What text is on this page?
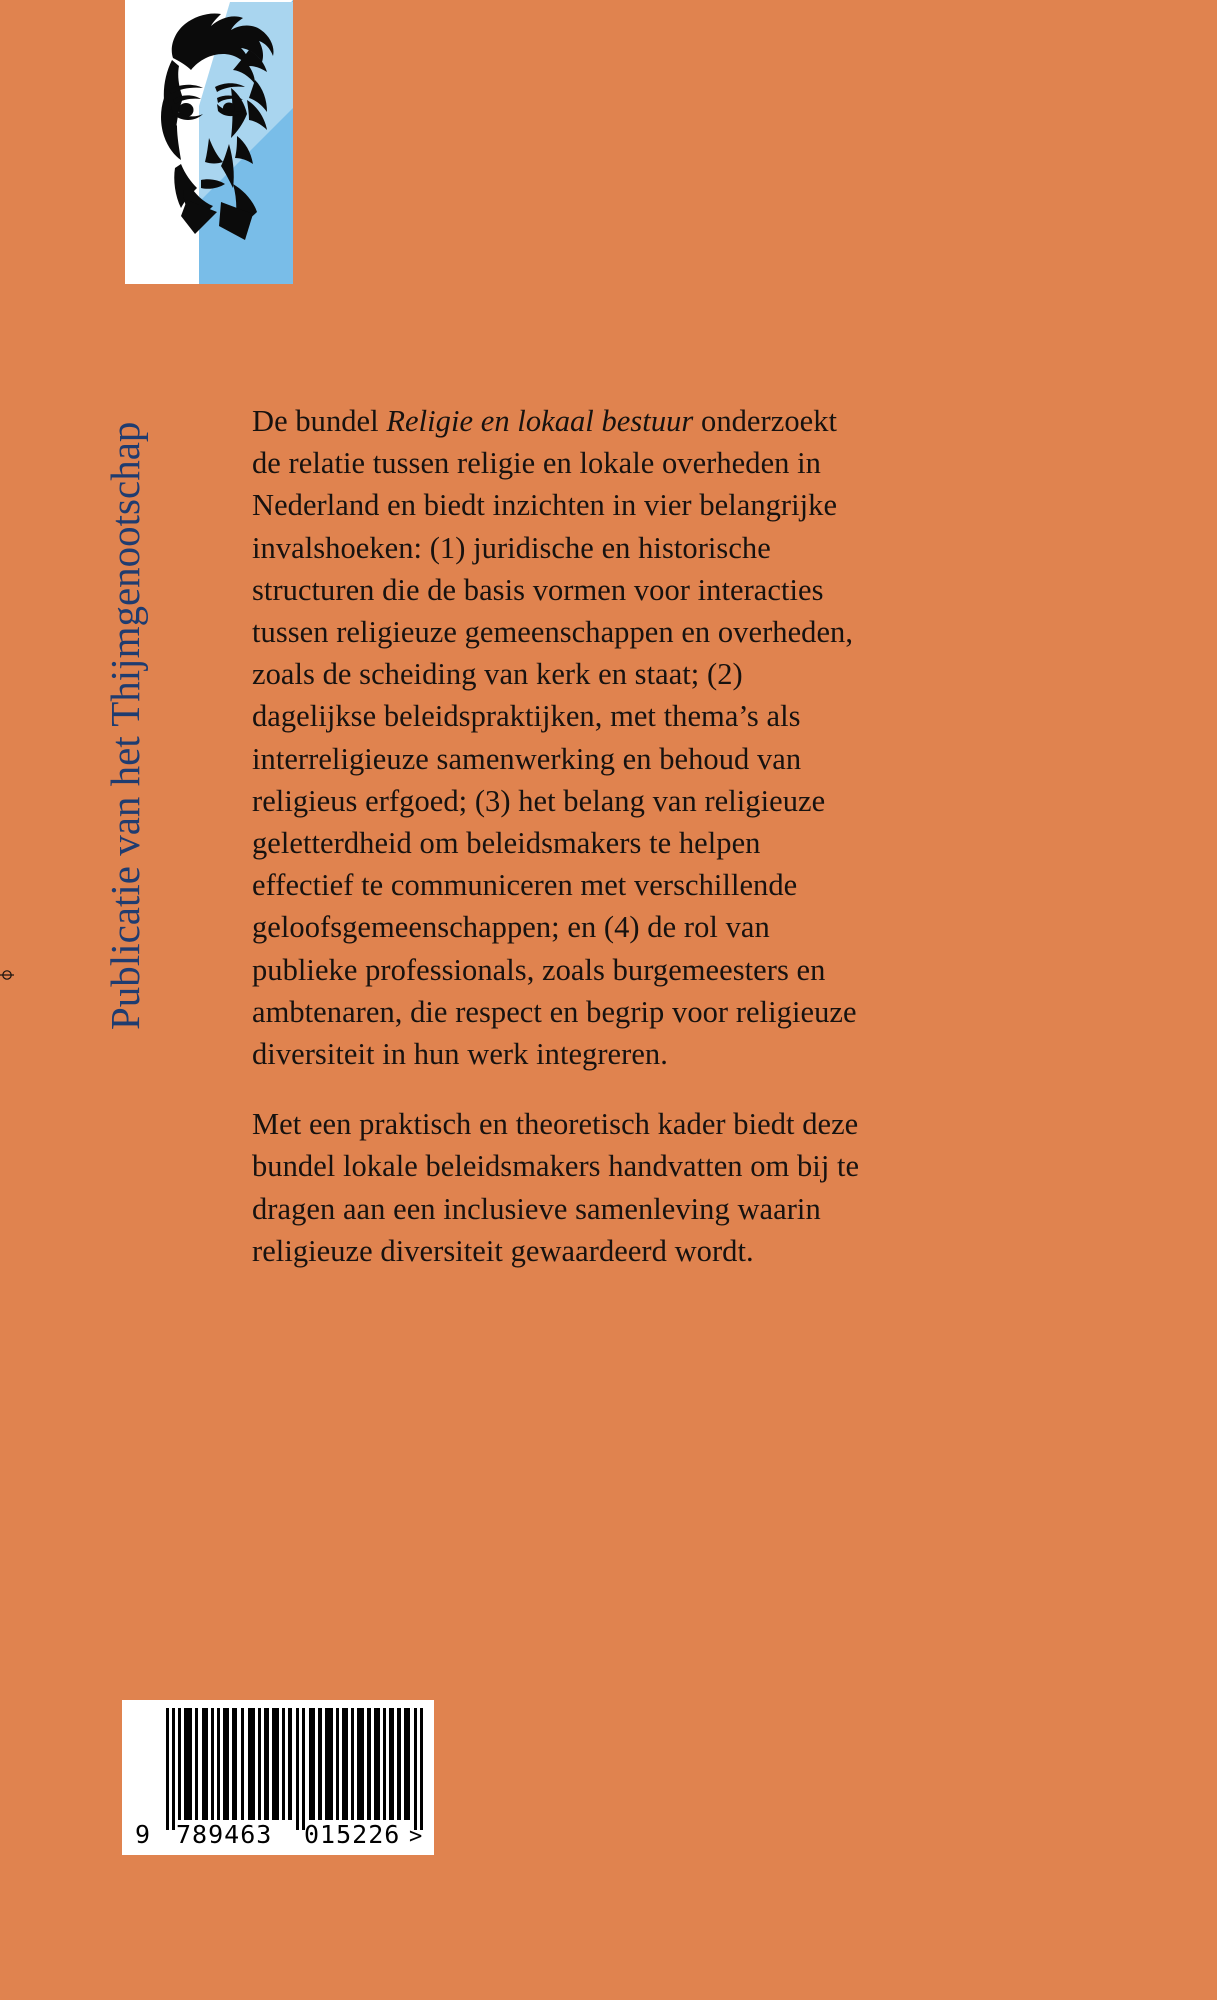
Publicatie van het Thijmgenootschap

De bundel Religie en lokaal bestuur onderzoekt de relatie tussen religie en lokale overheden in Nederland en biedt inzichten in vier belangrijke invalshoeken: (1) juridische en historische structuren die de basis vormen voor interacties tussen religieuze gemeenschappen en overheden, zoals de scheiding van kerk en staat; (2) dagelijkse beleidspraktijken, met thema’s als interreligieuze samenwerking en behoud van religieus erfgoed; (3) het belang van religieuze geletterdheid om beleidsmakers te helpen effectief te communiceren met verschillende geloofsgemeenschappen; en (4) de rol van publieke professionals, zoals burgemeesters en ambtenaren, die respect en begrip voor religieuze diversiteit in hun werk integreren.

Met een praktisch en theoretisch kader biedt deze bundel lokale beleidsmakers handvatten om bij te dragen aan een inclusieve samenleving waarin religieuze diversiteit gewaardeerd wordt.

9 789463 015226 >
